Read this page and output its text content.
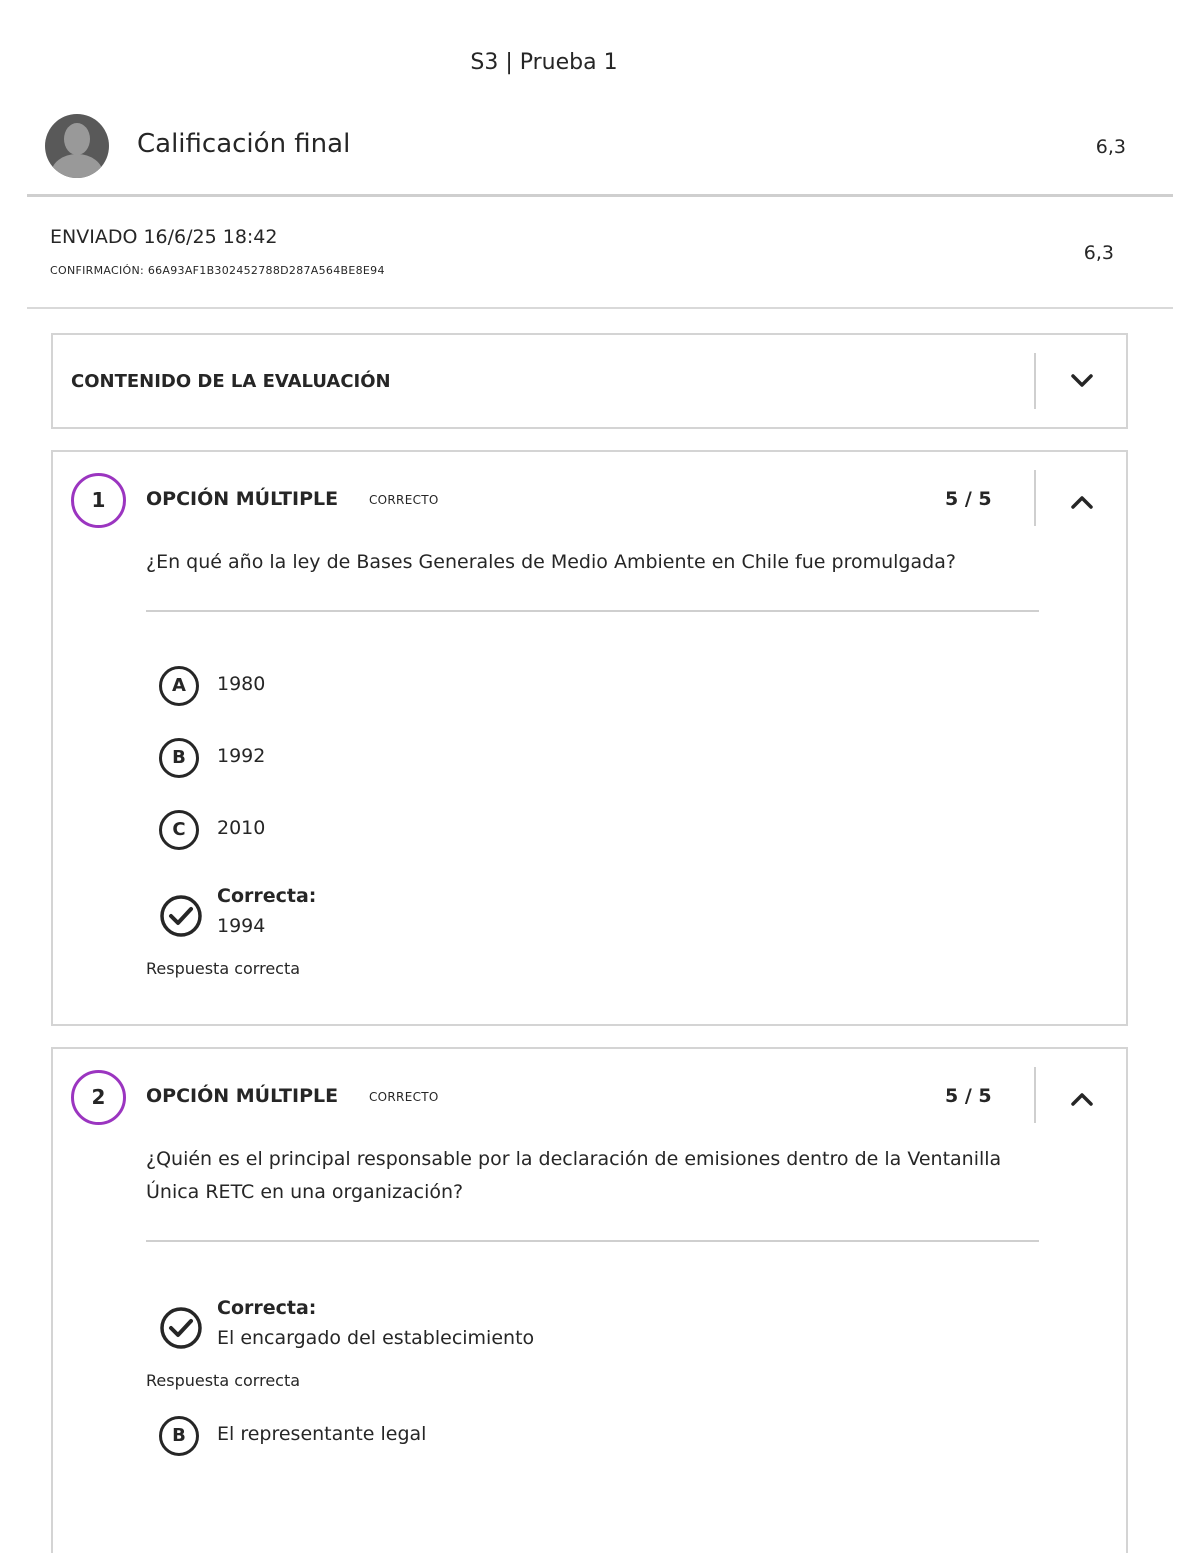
S3 | Prueba 1
Calificación final	6,3
ENVIADO 16/6/25 18:42
CONFIRMACIÓN: 66A93AF1B302452788D287A564BE8E94
6,3
CONTENIDO DE LA EVALUACIÓN
1	OPCIÓN MÚLTIPLE	CORRECTO	5 / 5
¿En qué año la ley de Bases Generales de Medio Ambiente en Chile fue promulgada?
A	1980
B	1992
C	2010
Correcta:
1994
Respuesta correcta
2	OPCIÓN MÚLTIPLE	CORRECTO	5 / 5
¿Quién es el principal responsable por la declaración de emisiones dentro de la Ventanilla Única RETC en una organización?
Correcta:
El encargado del establecimiento
Respuesta correcta
B	El representante legal
